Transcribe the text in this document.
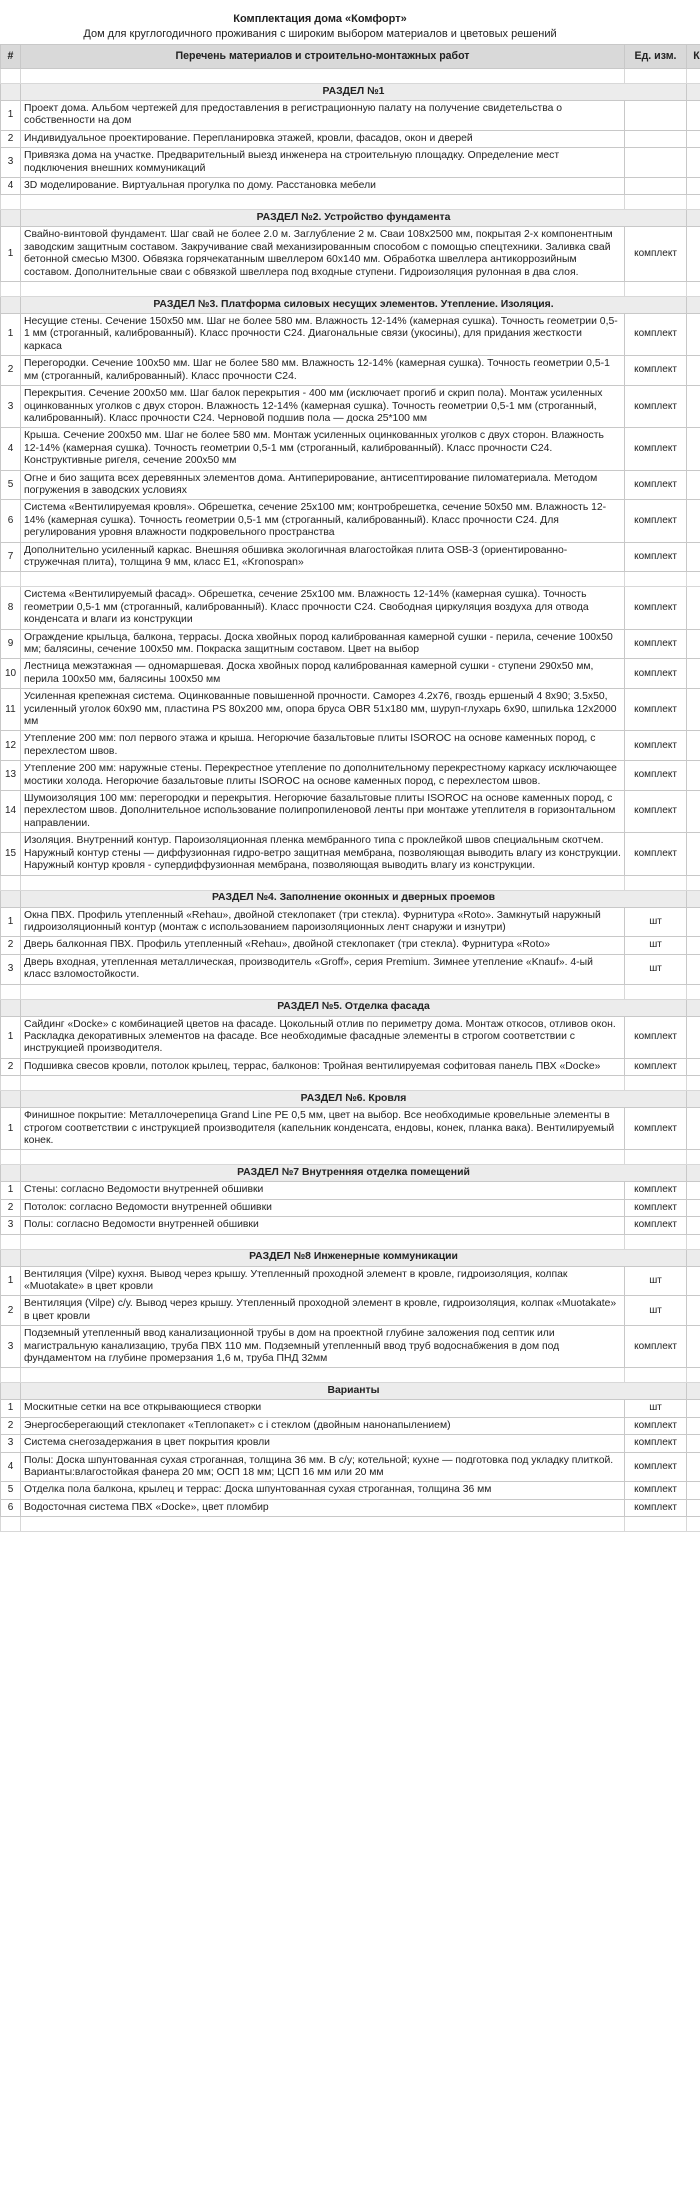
Комплектация дома «Комфорт»
Дом для круглогодичного проживания с широким выбором материалов и цветовых решений
#	Перечень материалов и строительно-монтажных работ	Ед. изм.	К

	РАЗДЕЛ №1		
1	Проект дома. Альбом чертежей для предоставления в регистрационную палату на получение свидетельства о собственности на дом		
2	Индивидуальное проектирование. Перепланировка этажей, кровли, фасадов, окон и дверей		
3	Привязка дома на участке. Предварительный выезд инженера на строительную площадку. Определение мест подключения внешних коммуникаций		
4	3D моделирование. Виртуальная прогулка по дому. Расстановка мебели		

	РАЗДЕЛ №2. Устройство фундамента		
1	Свайно-винтовой фундамент. Шаг свай не более 2.0 м. Заглубление 2 м. Сваи 108х2500 мм, покрытая 2-х компонентным заводским защитным составом. Закручивание свай механизированным способом с помощью спецтехники. Заливка свай бетонной смесью М300. Обвязка горячекатанным швеллером 60х140 мм. Обработка швеллера антикоррозийным составом. Дополнительные сваи с обвязкой швеллера под входные ступени. Гидроизоляция рулонная в два слоя.	комплект	

	РАЗДЕЛ №3. Платформа силовых несущих элементов. Утепление. Изоляция.		
1	Несущие стены. Сечение 150х50 мм. Шаг не более 580 мм. Влажность 12-14% (камерная сушка). Точность геометрии 0,5-1 мм (строганный, калиброванный). Класс прочности С24. Диагональные связи (укосины), для придания жесткости каркаса	комплект	
2	Перегородки. Сечение 100х50 мм. Шаг не более 580 мм. Влажность 12-14% (камерная сушка). Точность геометрии 0,5-1 мм (строганный, калиброванный). Класс прочности С24.	комплект	
3	Перекрытия. Сечение 200х50 мм. Шаг балок перекрытия - 400 мм (исключает прогиб и скрип пола). Монтаж усиленных оцинкованных уголков с двух сторон. Влажность 12-14% (камерная сушка). Точность геометрии 0,5-1 мм (строганный, калиброванный). Класс прочности С24. Черновой подшив пола — доска 25*100 мм	комплект	
4	Крыша. Сечение 200х50 мм. Шаг не более 580 мм. Монтаж усиленных оцинкованных уголков с двух сторон. Влажность 12-14% (камерная сушка). Точность геометрии 0,5-1 мм (строганный, калиброванный). Класс прочности С24. Конструктивные ригеля, сечение 200х50 мм	комплект	
5	Огне и био защита всех деревянных элементов дома. Антиперирование, антисептирование пиломатериала. Методом погружения в заводских условиях	комплект	
6	Система «Вентилируемая кровля». Обрешетка, сечение 25х100 мм; контробрешетка, сечение 50х50 мм. Влажность 12-14% (камерная сушка). Точность геометрии 0,5-1 мм (строганный, калиброванный). Класс прочности С24. Для регулирования уровня влажности подкровельного пространства	комплект	
7	Дополнительно усиленный каркас. Внешняя обшивка экологичная влагостойкая плита OSB-3 (ориентированно-стружечная плита), толщина 9 мм, класс E1, «Kronospan»	комплект	

8	Система «Вентилируемый фасад». Обрешетка, сечение 25х100 мм. Влажность 12-14% (камерная сушка). Точность геометрии 0,5-1 мм (строганный, калиброванный). Класс прочности С24. Свободная циркуляция воздуха для отвода конденсата и влаги из конструкции	комплект	
9	Ограждение крыльца, балкона, террасы. Доска хвойных пород калиброванная камерной сушки - перила, сечение 100х50 мм; балясины, сечение 100х50 мм. Покраска защитным составом. Цвет на выбор	комплект	
10	Лестница межэтажная — одномаршевая. Доска хвойных пород калиброванная камерной сушки - ступени 290х50 мм, перила 100х50 мм, балясины 100х50 мм	комплект	
11	Усиленная крепежная система. Оцинкованные повышенной прочности. Саморез 4.2х76, гвоздь ершеный 4 8х90; 3.5х50, усиленный уголок 60х90 мм, пластина PS 80х200 мм, опора бруса OBR 51х180 мм, шуруп-глухарь 6х90, шпилька 12х2000 мм	комплект	
12	Утепление 200 мм: пол первого этажа и крыша. Негорючие базальтовые плиты ISOROC на основе каменных пород, с перехлестом швов.	комплект	
13	Утепление 200 мм: наружные стены. Перекрестное утепление по дополнительному перекрестному каркасу исключающее мостики холода. Негорючие базальтовые плиты ISOROC на основе каменных пород, с перехлестом швов.	комплект	
14	Шумоизоляция 100 мм: перегородки и перекрытия. Негорючие базальтовые плиты ISOROC на основе каменных пород, с перехлестом швов. Дополнительное использование полипропиленовой ленты при монтаже утеплителя в горизонтальном направлении.	комплект	
15	Изоляция. Внутренний контур. Пароизоляционная пленка мембранного типа с проклейкой швов специальным скотчем. Наружный контур стены — диффузионная гидро-ветро защитная мембрана, позволяющая выводить влагу из конструкции. Наружный контур кровля - супердиффузионная мембрана, позволяющая выводить влагу из конструкции.	комплект	

	РАЗДЕЛ №4. Заполнение оконных и дверных проемов		
1	Окна ПВХ. Профиль утепленный «Rehau», двойной стеклопакет (три стекла). Фурнитура «Roto». Замкнутый наружный гидроизоляционный контур (монтаж с использованием пароизоляционных лент снаружи и изнутри)	шт	
2	Дверь балконная ПВХ. Профиль утепленный «Rehau», двойной стеклопакет (три стекла). Фурнитура «Roto»	шт	
3	Дверь входная, утепленная металлическая, производитель «Groff», серия Premium. Зимнее утепление «Knauf». 4-ый класс взломостойкости.	шт	

	РАЗДЕЛ №5. Отделка фасада		
1	Сайдинг «Docke» с комбинацией цветов на фасаде. Цокольный отлив по периметру дома. Монтаж откосов, отливов окон. Раскладка декоративных элементов на фасаде. Все необходимые фасадные элементы в строгом соответствии с инструкцией производителя.	комплект	
2	Подшивка свесов кровли, потолок крылец, террас, балконов: Тройная вентилируемая софитовая панель ПВХ «Docke»	комплект	

	РАЗДЕЛ №6. Кровля		
1	Финишное покрытие: Металлочерепица Grand Line PE 0,5 мм, цвет на выбор. Все необходимые кровельные элементы в строгом соответствии с инструкцией производителя (капельник конденсата, ендовы, конек, планка вака). Вентилируемый конек.	комплект	

	РАЗДЕЛ №7 Внутренняя отделка помещений		
1	Стены: согласно Ведомости внутренней обшивки	комплект	
2	Потолок: согласно Ведомости внутренней обшивки	комплект	
3	Полы: согласно Ведомости внутренней обшивки	комплект	

	РАЗДЕЛ №8 Инженерные коммуникации		
1	Вентиляция (Vilpe) кухня. Вывод через крышу. Утепленный проходной элемент в кровле, гидроизоляция, колпак «Muotakate» в цвет кровли	шт	
2	Вентиляция (Vilpe) с/у. Вывод через крышу. Утепленный проходной элемент в кровле, гидроизоляция, колпак «Muotakate» в цвет кровли	шт	
3	Подземный утепленный ввод канализационной трубы в дом на проектной глубине заложения под септик или магистральную канализацию, труба ПВХ 110 мм. Подземный утепленный ввод труб водоснабжения в дом под фундаментом на глубине промерзания 1,6 м, труба ПНД 32мм	комплект	

	Варианты		
1	Москитные сетки на все открывающиеся створки	шт	
2	Энергосберегающий стеклопакет «Теплопакет» с i стеклом (двойным нанонапылением)	комплект	
3	Система снегозадержания в цвет покрытия кровли	комплект	
4	Полы: Доска шпунтованная сухая строганная, толщина 36 мм. В с/у; котельной; кухне — подготовка под укладку плиткой. Варианты:влагостойкая фанера 20 мм; OCП 18 мм; ЦСП 16 мм или 20 мм	комплект	
5	Отделка пола балкона, крылец и террас: Доска шпунтованная сухая строганная, толщина 36 мм	комплект	
6	Водосточная система ПВХ «Docke», цвет пломбир	комплект	
